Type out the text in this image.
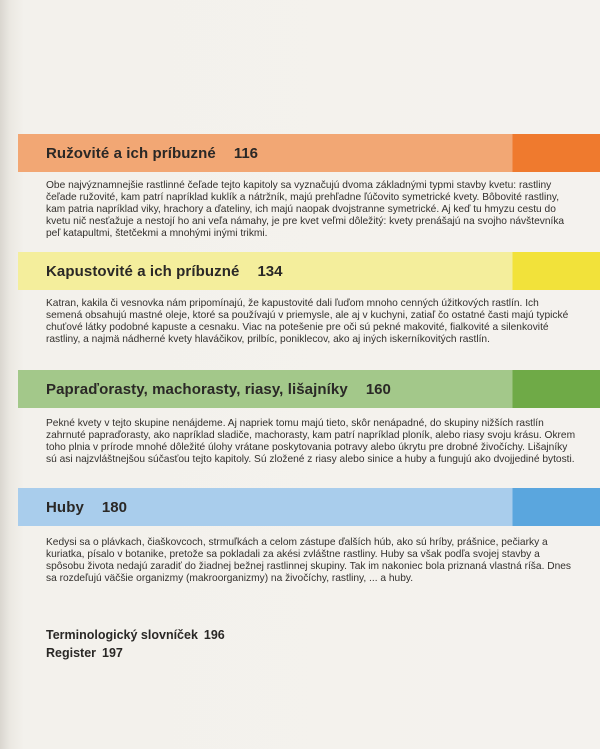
Ružovité a ich príbuzné 116

Obe najvýznamnejšie rastlinné čeľade tejto kapitoly sa vyznačujú dvoma základnými typmi stavby kvetu: rastliny čeľade ružovité, kam patrí napríklad kuklík a nátržník, majú prehľadne ľúčovito symetrické kvety. Bôbovité rastliny, kam patria napríklad viky, hrachory a ďateliny, ich majú naopak dvojstranne symetrické. Aj keď tu hmyzu cestu do kvetu nič nesťažuje a nestojí ho ani veľa námahy, je pre kvet veľmi dôležitý: kvety prenášajú na svojho návštevníka peľ katapultmi, štetčekmi a mnohými inými trikmi.

Kapustovité a ich príbuzné 134

Katran, kakila či vesnovka nám pripomínajú, že kapustovité dali ľuďom mnoho cenných úžitkových rastlín. Ich semená obsahujú mastné oleje, ktoré sa používajú v priemysle, ale aj v kuchyni, zatiaľ čo ostatné časti majú typické chuťové látky podobné kapuste a cesnaku. Viac na potešenie pre oči sú pekné makovité, fialkovité a silenkovité rastliny, a najmä nádherné kvety hlaváčikov, prilbíc, poniklecov, ako aj iných iskerníkovitých rastlín.

Papraďorasty, machorasty, riasy, lišajníky 160

Pekné kvety v tejto skupine nenájdeme. Aj napriek tomu majú tieto, skôr nenápadné, do skupiny nižších rastlín zahrnuté papraďorasty, ako napríklad sladiče, machorasty, kam patrí napríklad ploník, alebo riasy svoju krásu. Okrem toho plnia v prírode mnohé dôležité úlohy vrátane poskytovania potravy alebo úkrytu pre drobné živočíchy. Lišajníky sú asi najzvláštnejšou súčasťou tejto kapitoly. Sú zložené z riasy alebo sinice a huby a fungujú ako dvojjediné bytosti.

Huby 180

Kedysi sa o plávkach, čiaškovcoch, strmuľkách a celom zástupe ďalších húb, ako sú hríby, prášnice, pečiarky a kuriatka, písalo v botanike, pretože sa pokladali za akési zvláštne rastliny. Huby sa však podľa svojej stavby a spôsobu života nedajú zaradiť do žiadnej bežnej rastlinnej skupiny. Tak im nakoniec bola priznaná vlastná ríša. Dnes sa rozdeľujú väčšie organizmy (makroorganizmy) na živočíchy, rastliny, ... a huby.

Terminologický slovníček 196
Register 197
